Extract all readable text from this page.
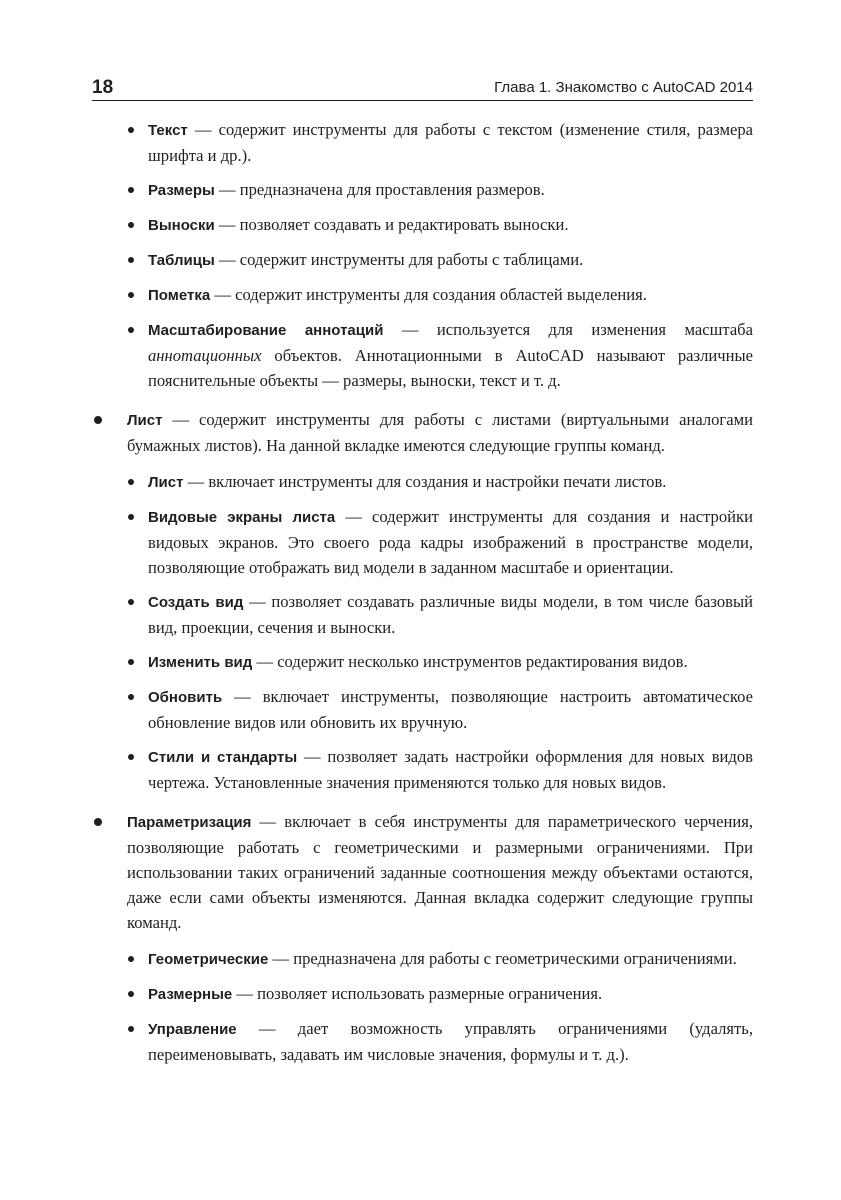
18	Глава 1. Знакомство с AutoCAD 2014
Текст — содержит инструменты для работы с текстом (изменение стиля, размера шрифта и др.).
Размеры — предназначена для проставления размеров.
Выноски — позволяет создавать и редактировать выноски.
Таблицы — содержит инструменты для работы с таблицами.
Пометка — содержит инструменты для создания областей выделения.
Масштабирование аннотаций — используется для изменения масштаба аннотационных объектов. Аннотационными в AutoCAD называют различные пояснительные объекты — размеры, выноски, текст и т. д.
Лист — содержит инструменты для работы с листами (виртуальными аналогами бумажных листов). На данной вкладке имеются следующие группы команд.
Лист — включает инструменты для создания и настройки печати листов.
Видовые экраны листа — содержит инструменты для создания и настройки видовых экранов. Это своего рода кадры изображений в пространстве модели, позволяющие отображать вид модели в заданном масштабе и ориентации.
Создать вид — позволяет создавать различные виды модели, в том числе базовый вид, проекции, сечения и выноски.
Изменить вид — содержит несколько инструментов редактирования видов.
Обновить — включает инструменты, позволяющие настроить автоматическое обновление видов или обновить их вручную.
Стили и стандарты — позволяет задать настройки оформления для новых видов чертежа. Установленные значения применяются только для новых видов.
Параметризация — включает в себя инструменты для параметрического черчения, позволяющие работать с геометрическими и размерными ограничениями. При использовании таких ограничений заданные соотношения между объектами остаются, даже если сами объекты изменяются. Данная вкладка содержит следующие группы команд.
Геометрические — предназначена для работы с геометрическими ограничениями.
Размерные — позволяет использовать размерные ограничения.
Управление — дает возможность управлять ограничениями (удалять, переименовывать, задавать им числовые значения, формулы и т. д.).
